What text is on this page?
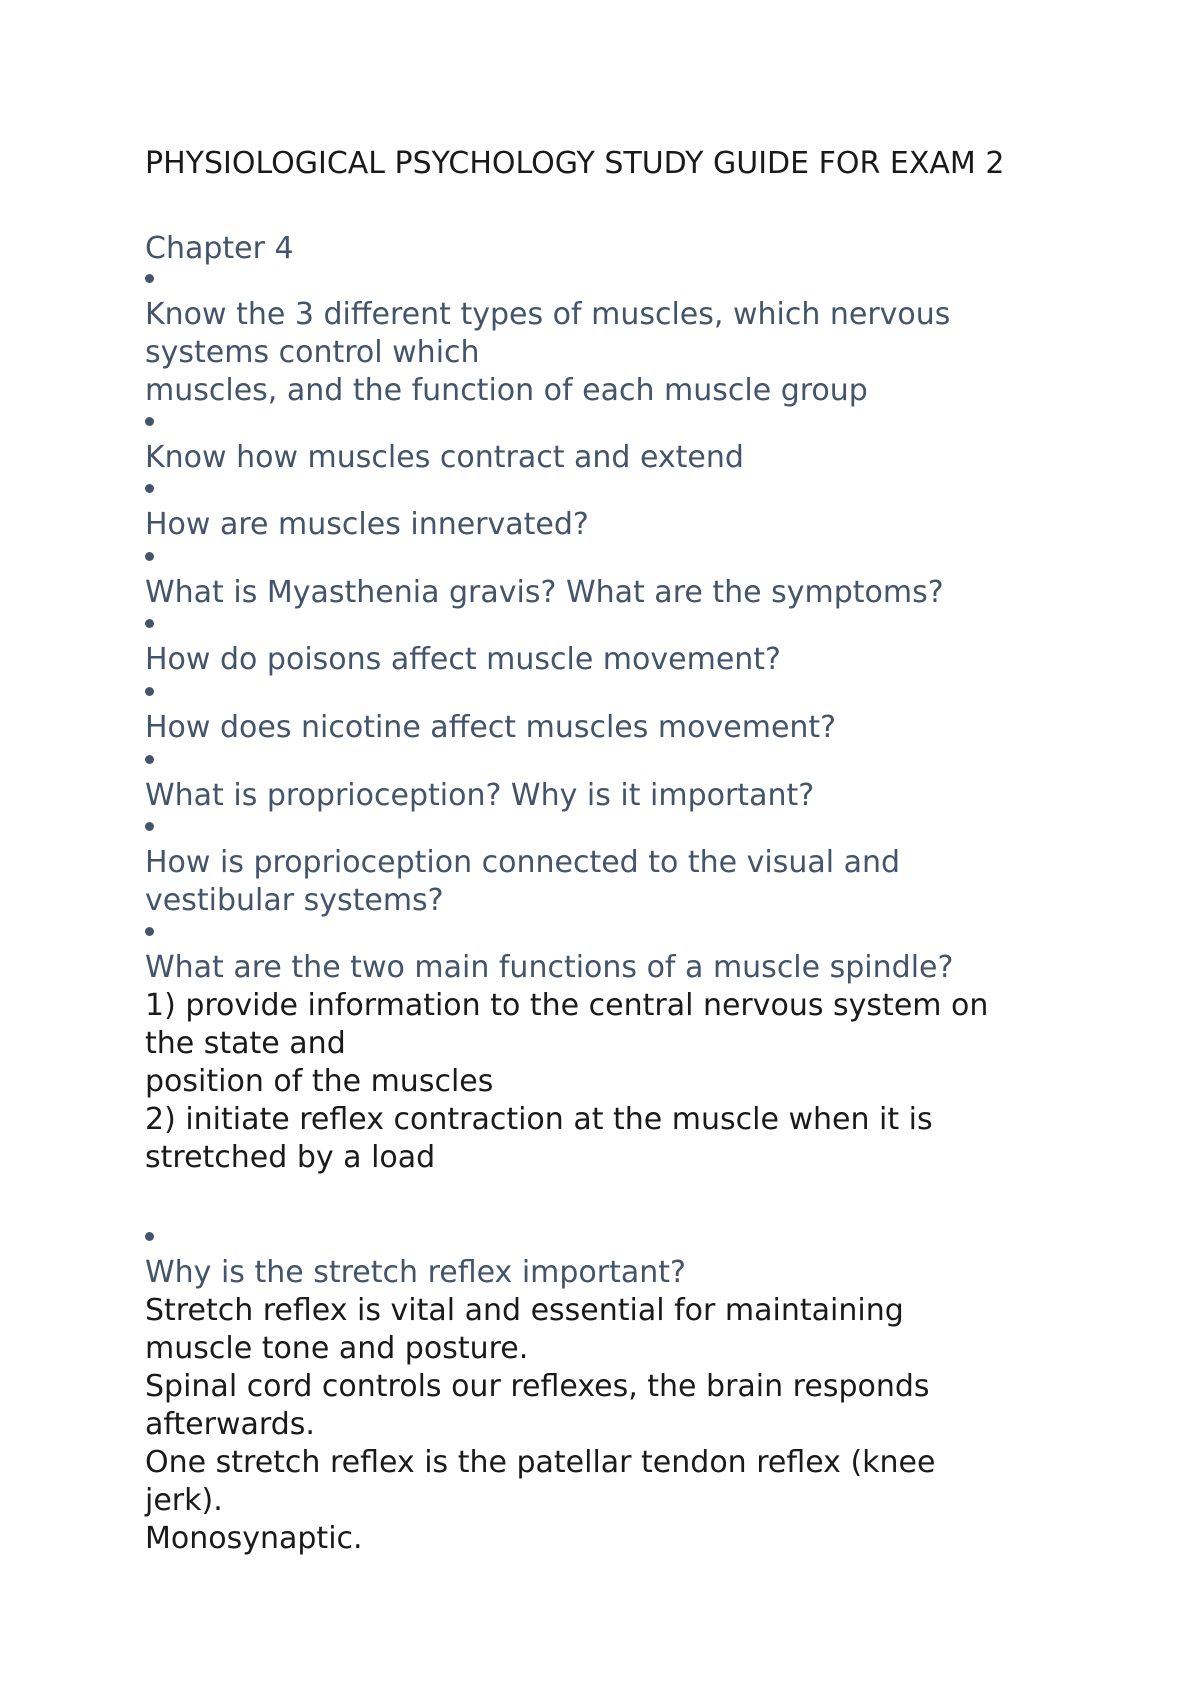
PHYSIOLOGICAL PSYCHOLOGY STUDY GUIDE FOR EXAM 2
Chapter 4
Know the 3 different types of muscles, which nervous
systems control which
muscles, and the function of each muscle group
Know how muscles contract and extend
How are muscles innervated?
What is Myasthenia gravis? What are the symptoms?
How do poisons affect muscle movement?
How does nicotine affect muscles movement?
What is proprioception? Why is it important?
How is proprioception connected to the visual and
vestibular systems?
What are the two main functions of a muscle spindle?
1) provide information to the central nervous system on
the state and
position of the muscles
2) initiate reflex contraction at the muscle when it is
stretched by a load
Why is the stretch reflex important?
Stretch reflex is vital and essential for maintaining
muscle tone and posture.
Spinal cord controls our reflexes, the brain responds
afterwards.
One stretch reflex is the patellar tendon reflex (knee
jerk).
Monosynaptic.
